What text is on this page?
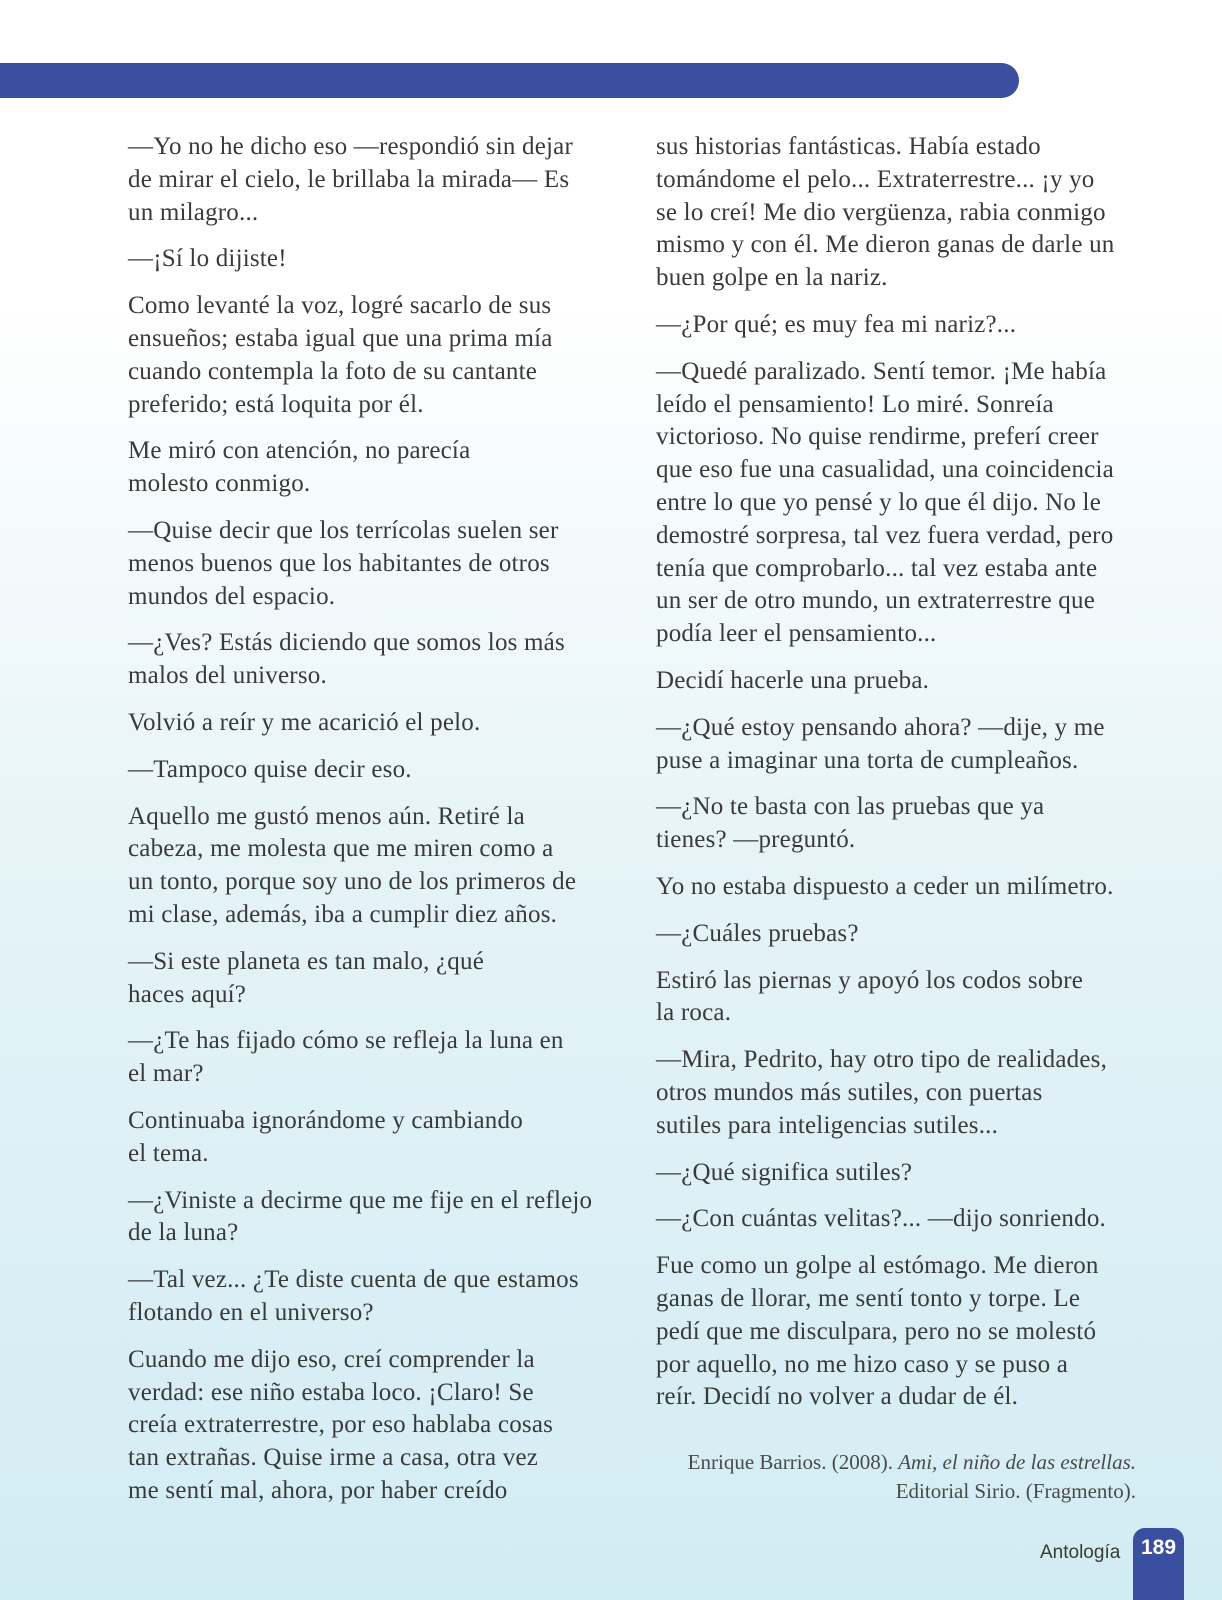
—Yo no he dicho eso —respondió sin dejar
de mirar el cielo, le brillaba la mirada— Es
un milagro...

—¡Sí lo dijiste!

Como levanté la voz, logré sacarlo de sus
ensueños; estaba igual que una prima mía
cuando contempla la foto de su cantante
preferido; está loquita por él.

Me miró con atención, no parecía
molesto conmigo.

—Quise decir que los terrícolas suelen ser
menos buenos que los habitantes de otros
mundos del espacio.

—¿Ves? Estás diciendo que somos los más
malos del universo.

Volvió a reír y me acarició el pelo.

—Tampoco quise decir eso.

Aquello me gustó menos aún. Retiré la
cabeza, me molesta que me miren como a
un tonto, porque soy uno de los primeros de
mi clase, además, iba a cumplir diez años.

—Si este planeta es tan malo, ¿qué
haces aquí?

—¿Te has fijado cómo se refleja la luna en
el mar?

Continuaba ignorándome y cambiando
el tema.

—¿Viniste a decirme que me fije en el reflejo
de la luna?

—Tal vez... ¿Te diste cuenta de que estamos
flotando en el universo?

Cuando me dijo eso, creí comprender la
verdad: ese niño estaba loco. ¡Claro! Se
creía extraterrestre, por eso hablaba cosas
tan extrañas. Quise irme a casa, otra vez
me sentí mal, ahora, por haber creído

sus historias fantásticas. Había estado
tomándome el pelo... Extraterrestre... ¡y yo
se lo creí! Me dio vergüenza, rabia conmigo
mismo y con él. Me dieron ganas de darle un
buen golpe en la nariz.

—¿Por qué; es muy fea mi nariz?...

—Quedé paralizado. Sentí temor. ¡Me había
leído el pensamiento! Lo miré. Sonreía
victorioso. No quise rendirme, preferí creer
que eso fue una casualidad, una coincidencia
entre lo que yo pensé y lo que él dijo. No le
demostré sorpresa, tal vez fuera verdad, pero
tenía que comprobarlo... tal vez estaba ante
un ser de otro mundo, un extraterrestre que
podía leer el pensamiento...

Decidí hacerle una prueba.

—¿Qué estoy pensando ahora? —dije, y me
puse a imaginar una torta de cumpleaños.

—¿No te basta con las pruebas que ya
tienes? —preguntó.

Yo no estaba dispuesto a ceder un milímetro.

—¿Cuáles pruebas?

Estiró las piernas y apoyó los codos sobre
la roca.

—Mira, Pedrito, hay otro tipo de realidades,
otros mundos más sutiles, con puertas
sutiles para inteligencias sutiles...

—¿Qué significa sutiles?

—¿Con cuántas velitas?... —dijo sonriendo.

Fue como un golpe al estómago. Me dieron
ganas de llorar, me sentí tonto y torpe. Le
pedí que me disculpara, pero no se molestó
por aquello, no me hizo caso y se puso a
reír. Decidí no volver a dudar de él.

Enrique Barrios. (2008). Ami, el niño de las estrellas.
Editorial Sirio. (Fragmento).
Antología 189
